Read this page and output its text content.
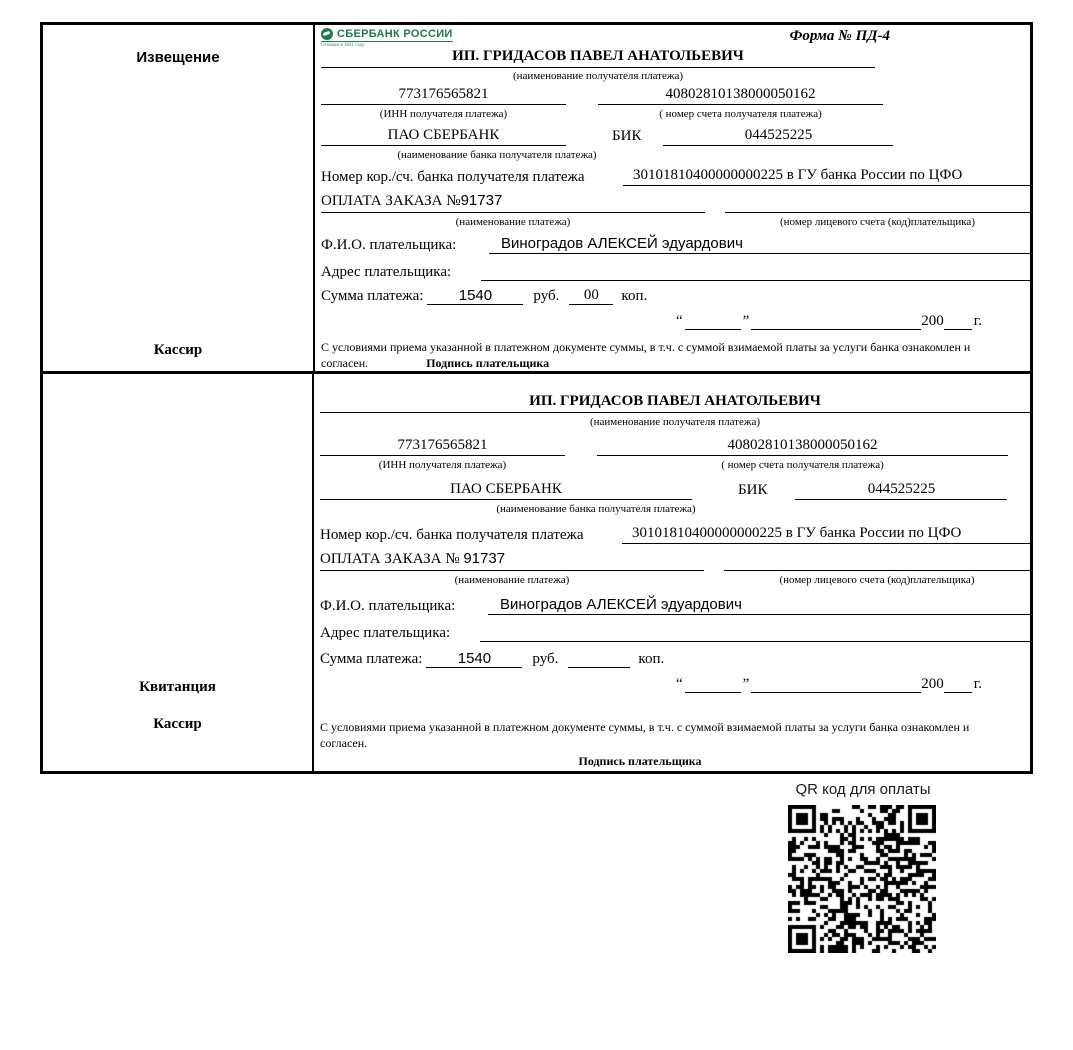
Извещение
Кассир
СБЕРБАНК РОССИИ
Основан в 1841 году
Форма № ПД-4
ИП. ГРИДАСОВ ПАВЕЛ АНАТОЛЬЕВИЧ
(наименование получателя платежа)
773176565821	40802810138000050162
(ИНН получателя платежа)	( номер счета получателя платежа)
ПАО СБЕРБАНК	БИК	044525225
(наименование банка получателя платежа)
Номер кор./сч. банка получателя платежа	30101810400000000225 в ГУ банка России по ЦФО
ОПЛАТА ЗАКАЗА №91737
(наименование платежа)	(номер лицевого счета (код)плательщика)
Ф.И.О. плательщика:	Виноградов АЛЕКСЕЙ эдуардович
Адрес плательщика:
Сумма платежа:	1540	руб.	00	коп.
“	”	200 г.
С условиями приема указанной в платежном документе суммы, в т.ч. с суммой взимаемой платы за услуги банка ознакомлен и согласен.	Подпись плательщика
Квитанция
Кассир
ИП. ГРИДАСОВ ПАВЕЛ АНАТОЛЬЕВИЧ
(наименование получателя платежа)
773176565821	40802810138000050162
(ИНН получателя платежа)	( номер счета получателя платежа)
ПАО СБЕРБАНК	БИК	044525225
(наименование банка получателя платежа)
Номер кор./сч. банка получателя платежа	30101810400000000225 в ГУ банка России по ЦФО
ОПЛАТА ЗАКАЗА № 91737
(наименование платежа)	(номер лицевого счета (код)плательщика)
Ф.И.О. плательщика:	Виноградов АЛЕКСЕЙ эдуардович
Адрес плательщика:
Сумма платежа:	1540	руб.	коп.
“	”	200 г.
С условиями приема указанной в платежном документе суммы, в т.ч. с суммой взимаемой платы за услуги банка ознакомлен и согласен.
Подпись плательщика
QR код для оплаты
